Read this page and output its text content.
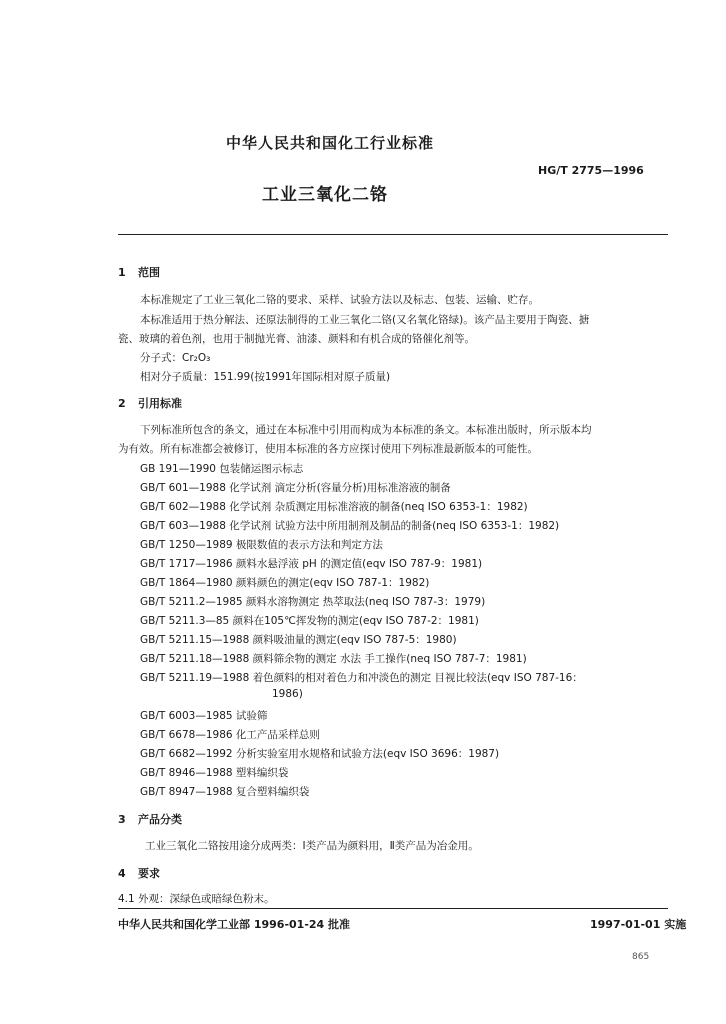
中华人民共和国化工行业标准
HG/T 2775—1996
工业三氧化二铬
1 范围
本标准规定了工业三氧化二铬的要求、采样、试验方法以及标志、包装、运输、贮存。
本标准适用于热分解法、还原法制得的工业三氧化二铬(又名氧化铬绿)。该产品主要用于陶瓷、搪
瓷、玻璃的着色剂，也用于制抛光膏、油漆、颜料和有机合成的铬催化剂等。
分子式：Cr₂O₃
相对分子质量：151.99(按1991年国际相对原子质量)
2 引用标准
下列标准所包含的条文，通过在本标准中引用而构成为本标准的条文。本标准出版时，所示版本均
为有效。所有标准都会被修订，使用本标准的各方应探讨使用下列标准最新版本的可能性。
GB 191—1990 包装储运图示标志
GB/T 601—1988 化学试剂 滴定分析(容量分析)用标准溶液的制备
GB/T 602—1988 化学试剂 杂质测定用标准溶液的制备(neq ISO 6353-1：1982)
GB/T 603—1988 化学试剂 试验方法中所用制剂及制品的制备(neq ISO 6353-1：1982)
GB/T 1250—1989 极限数值的表示方法和判定方法
GB/T 1717—1986 颜料水悬浮液 pH 的测定值(eqv ISO 787-9：1981)
GB/T 1864—1980 颜料颜色的测定(eqv ISO 787-1：1982)
GB/T 5211.2—1985 颜料水溶物测定 热萃取法(neq ISO 787-3：1979)
GB/T 5211.3—85 颜料在105℃挥发物的测定(eqv ISO 787-2：1981)
GB/T 5211.15—1988 颜料吸油量的测定(eqv ISO 787-5：1980)
GB/T 5211.18—1988 颜料筛余物的测定 水法 手工操作(neq ISO 787-7：1981)
GB/T 5211.19—1988 着色颜料的相对着色力和冲淡色的测定 目视比较法(eqv ISO 787-16：
1986)
GB/T 6003—1985 试验筛
GB/T 6678—1986 化工产品采样总则
GB/T 6682—1992 分析实验室用水规格和试验方法(eqv ISO 3696：1987)
GB/T 8946—1988 塑料编织袋
GB/T 8947—1988 复合塑料编织袋
3 产品分类
工业三氧化二铬按用途分成两类：Ⅰ类产品为颜料用，Ⅱ类产品为冶金用。
4 要求
4.1 外观：深绿色或暗绿色粉末。
中华人民共和国化学工业部 1996-01-24 批准	1997-01-01 实施
865
